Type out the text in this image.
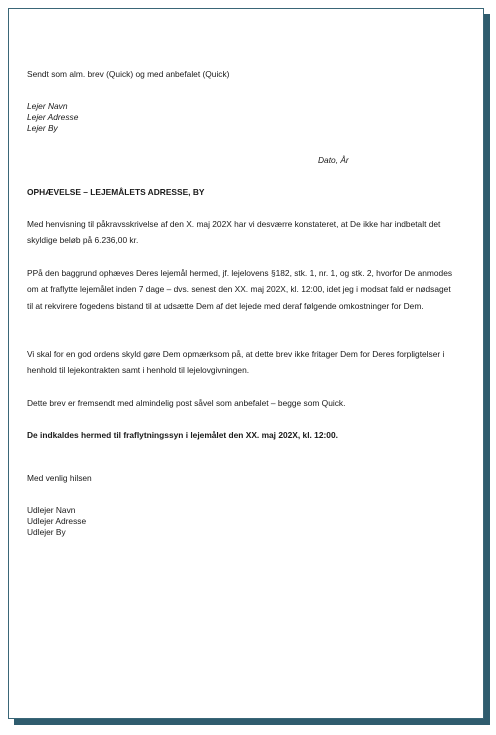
Sendt som alm. brev (Quick) og med anbefalet (Quick)
Lejer Navn
Lejer Adresse
Lejer By
Dato, År
OPHÆVELSE – LEJEMÅLETS ADRESSE, BY
Med henvisning til påkravsskrivelse af den X. maj 202X har vi desværre konstateret, at De ikke har indbetalt det skyldige beløb på 6.236,00 kr.
PPå den baggrund ophæves Deres lejemål hermed, jf. lejelovens §182, stk. 1, nr. 1, og stk. 2, hvorfor De anmodes om at fraflytte lejemålet inden 7 dage – dvs. senest den XX. maj 202X, kl. 12:00, idet jeg i modsat fald er nødsaget til at rekvirere fogedens bistand til at udsætte Dem af det lejede med deraf følgende omkostninger for Dem.
Vi skal for en god ordens skyld gøre Dem opmærksom på, at dette brev ikke fritager Dem for Deres forpligtelser i henhold til lejekontrakten samt i henhold til lejelovgivningen.
Dette brev er fremsendt med almindelig post såvel som anbefalet – begge som Quick.
De indkaldes hermed til fraflytningssyn i lejemålet den XX. maj 202X, kl. 12:00.
Med venlig hilsen
Udlejer Navn
Udlejer Adresse
Udlejer By
